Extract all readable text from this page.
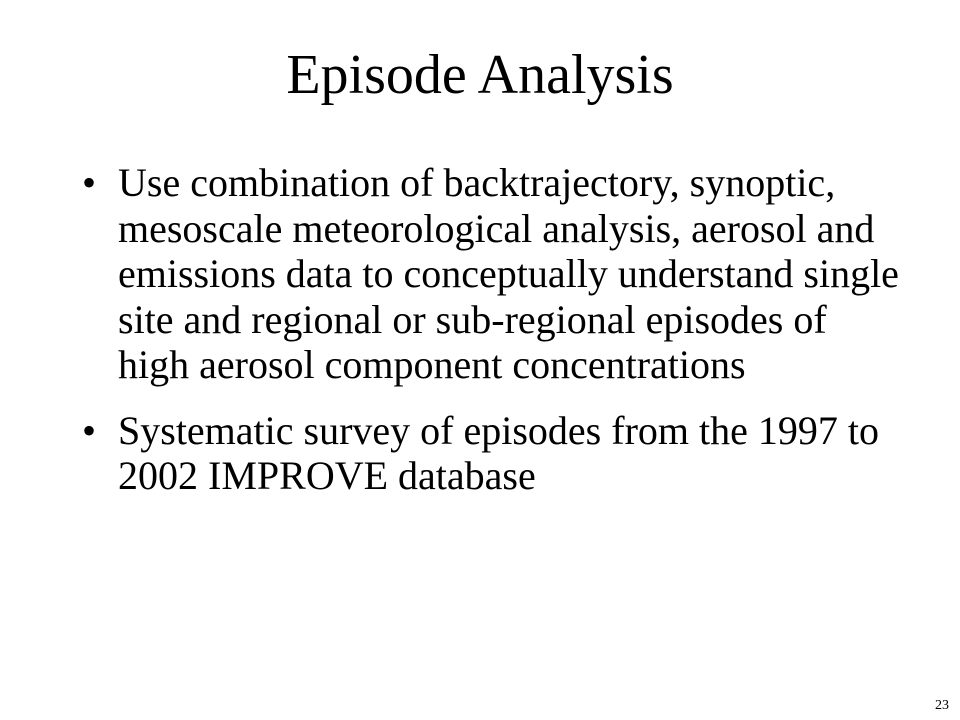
Episode Analysis
• Use combination of backtrajectory, synoptic, mesoscale meteorological analysis, aerosol and emissions data to conceptually understand single site and regional or sub-regional episodes of high aerosol component concentrations
• Systematic survey of episodes from the 1997 to 2002 IMPROVE database
23
